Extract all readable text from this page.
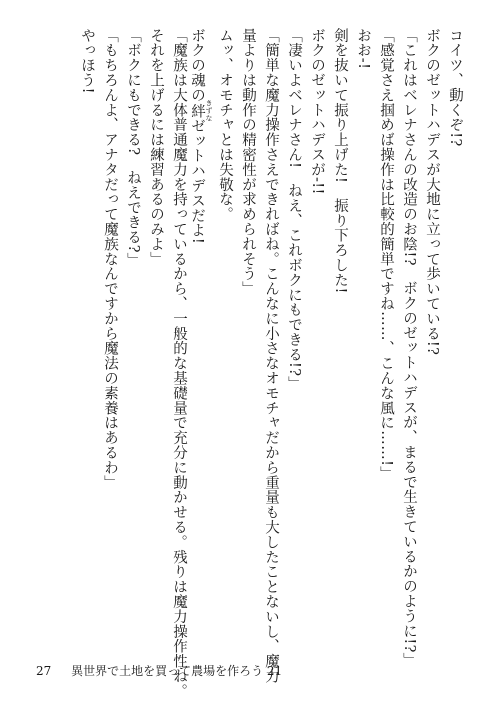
コイツ、動くぞ!?
ボクのゼットハデスが大地に立って歩いている!?
「これはベレナさんの改造のお陰!?　ボクのゼットハデスが、まるで生きているかのように!?」
「感覚さえ掴めば操作は比較的簡単ですね……、こんな風に……!」
おお-!
剣を抜いて振り上げた!　振り下ろした!
ボクのゼットハデスが-!!
「凄いよベレナさん!　ねえ、これボクにもできる!?」
「簡単な魔力操作さえできればね。こんなに小さなオモチャだから重量も大したことないし、魔力
量よりは動作の精密性が求められそう」
ムッ、オモチャとは失敬な。
ボクの魂の絆 きずなゼットハデスだよ!
「魔族は大体普通魔力を持っているから、一般的な基礎量で充分に動かせる。残りは魔力操作性ね。
それを上げるには練習あるのみよ」
「ボクにもできる?　ねえできる?」
「もちろんよ、アナタだって魔族なんですから魔法の素養はあるわ」
やっほう!
27 異世界で土地を買って農場を作ろう 21
